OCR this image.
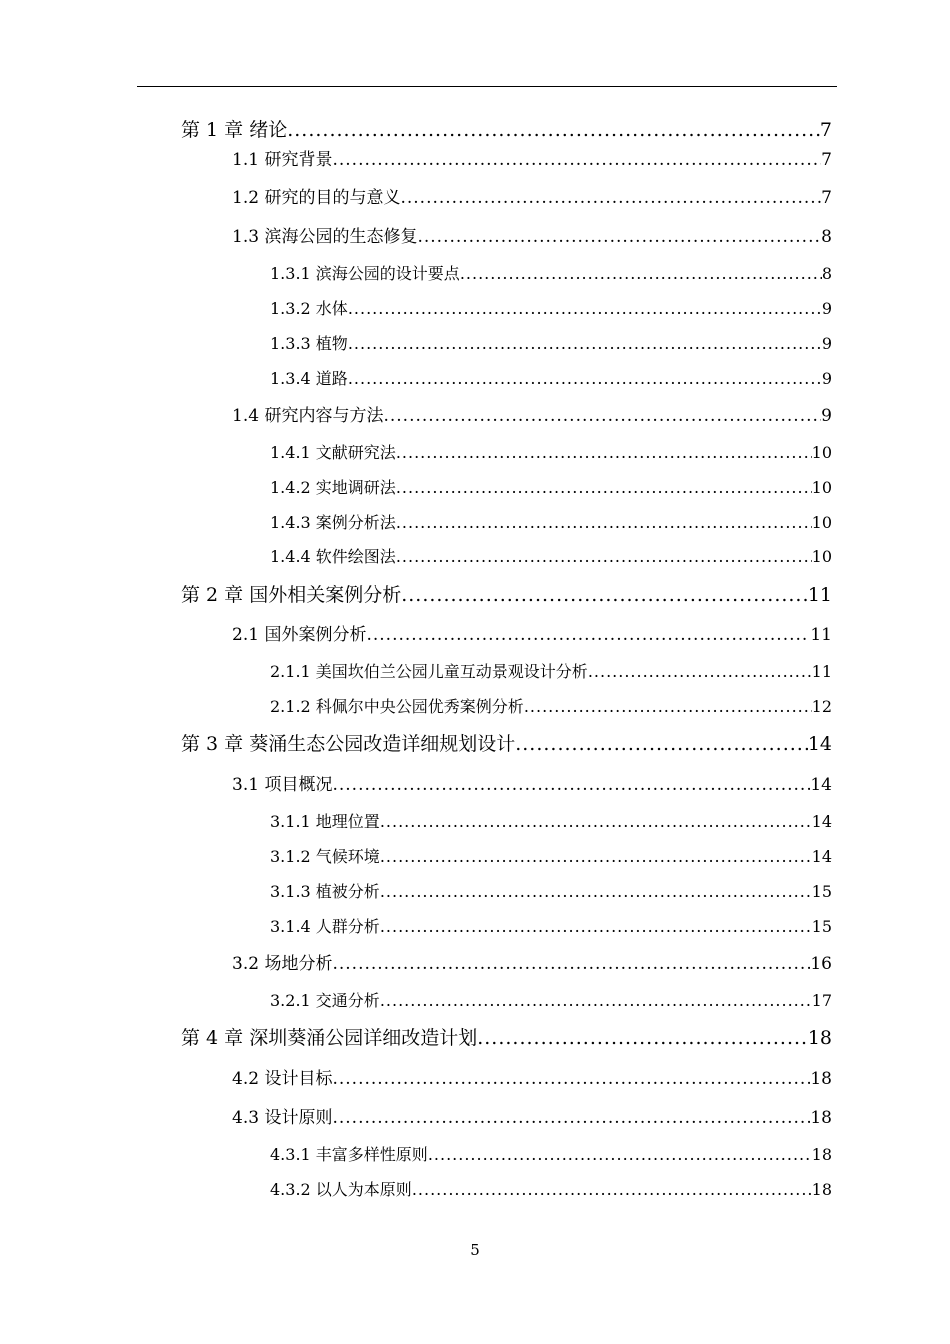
第 1 章 绪论 .....	7
1.1 研究背景 .....	7
1.2 研究的目的与意义 .....	7
1.3 滨海公园的生态修复 .....	8
1.3.1 滨海公园的设计要点 .....	8
1.3.2 水体 .....	9
1.3.3 植物 .....	9
1.3.4 道路 .....	9
1.4 研究内容与方法 .....	9
1.4.1 文献研究法 .....	10
1.4.2 实地调研法 .....	10
1.4.3 案例分析法 .....	10
1.4.4 软件绘图法 .....	10
第 2 章 国外相关案例分析 .....	11
2.1 国外案例分析 .....	11
2.1.1 美国坎伯兰公园儿童互动景观设计分析 .....	11
2.1.2 科佩尔中央公园优秀案例分析 .....	12
第 3 章 葵涌生态公园改造详细规划设计 .....	14
3.1 项目概况 .....	14
3.1.1 地理位置 .....	14
3.1.2 气候环境 .....	14
3.1.3 植被分析 .....	15
3.1.4 人群分析 .....	15
3.2 场地分析 .....	16
3.2.1 交通分析 .....	17
第 4 章 深圳葵涌公园详细改造计划 .....	18
4.2 设计目标 .....	18
4.3 设计原则 .....	18
4.3.1 丰富多样性原则 .....	18
4.3.2 以人为本原则 .....	18
5
